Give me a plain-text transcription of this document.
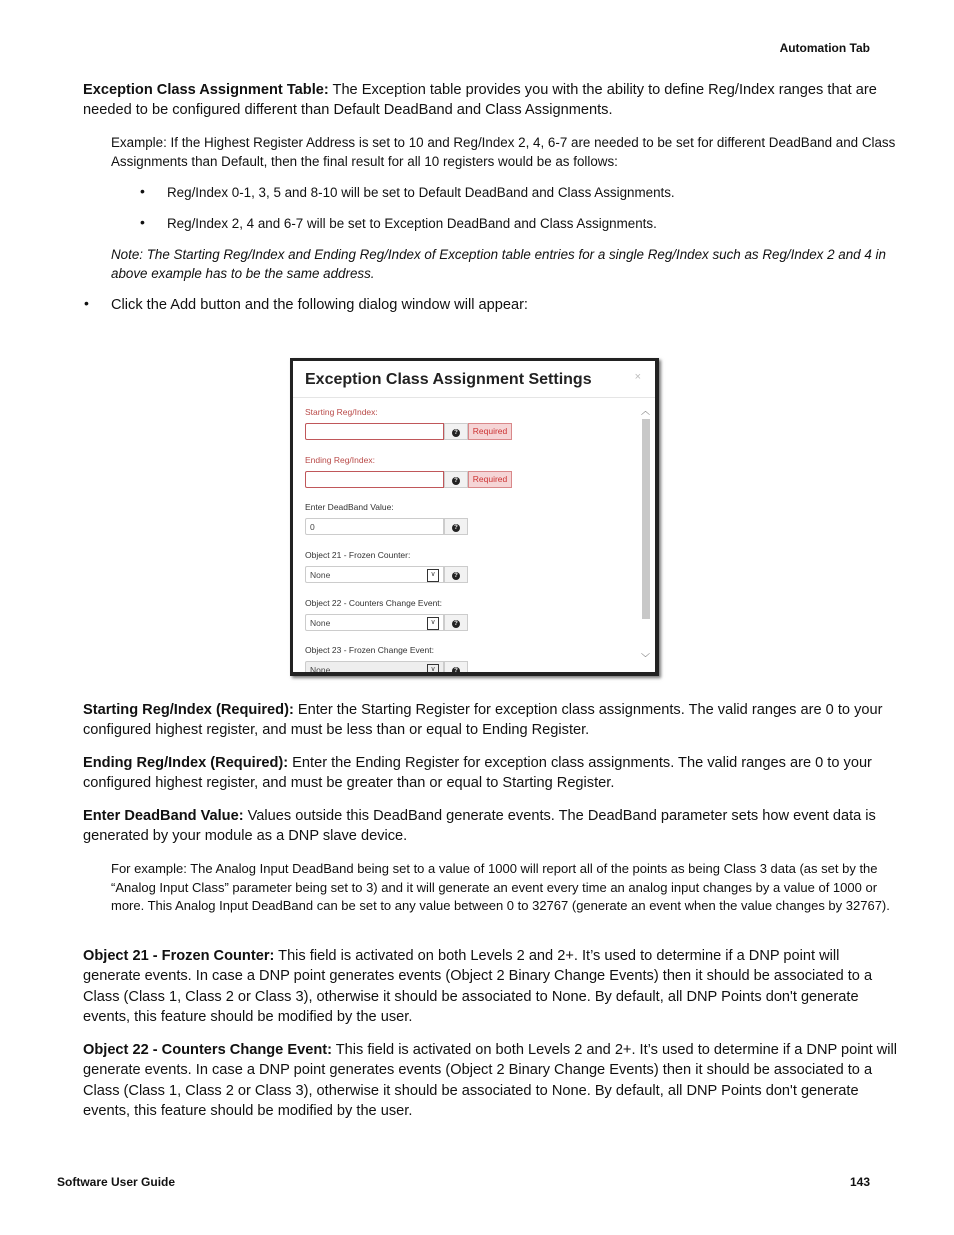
Automation Tab
Exception Class Assignment Table: The Exception table provides you with the ability to define Reg/Index ranges that are needed to be configured different than Default DeadBand and Class Assignments.
Example: If the Highest Register Address is set to 10 and Reg/Index 2, 4, 6-7 are needed to be set for different DeadBand and Class Assignments than Default, then the final result for all 10 registers would be as follows:
• Reg/Index 0-1, 3, 5 and 8-10 will be set to Default DeadBand and Class Assignments.
• Reg/Index 2, 4 and 6-7 will be set to Exception DeadBand and Class Assignments.
Note: The Starting Reg/Index and Ending Reg/Index of Exception table entries for a single Reg/Index such as Reg/Index 2 and 4 in above example has to be the same address.
• Click the Add button and the following dialog window will appear:
Exception Class Assignment Settings	×
︿
﹀
Starting Reg/Index:
?	Required
Ending Reg/Index:
?	Required
Enter DeadBand Value:
0	?
Object 21 - Frozen Counter:
None	∨	?
Object 22 - Counters Change Event:
None	∨	?
Object 23 - Frozen Change Event:
None	∨	?
Starting Reg/Index (Required): Enter the Starting Register for exception class assignments. The valid ranges are 0 to your configured highest register, and must be less than or equal to Ending Register.
Ending Reg/Index (Required): Enter the Ending Register for exception class assignments. The valid ranges are 0 to your configured highest register, and must be greater than or equal to Starting Register.
Enter DeadBand Value: Values outside this DeadBand generate events. The DeadBand parameter sets how event data is generated by your module as a DNP slave device.
For example: The Analog Input DeadBand being set to a value of 1000 will report all of the points as being Class 3 data (as set by the “Analog Input Class” parameter being set to 3) and it will generate an event every time an analog input changes by a value of 1000 or more. This Analog Input DeadBand can be set to any value between 0 to 32767 (generate an event when the value changes by 32767).
Object 21 - Frozen Counter: This field is activated on both Levels 2 and 2+. It’s used to determine if a DNP point will generate events. In case a DNP point generates events (Object 2 Binary Change Events) then it should be associated to a Class (Class 1, Class 2 or Class 3), otherwise it should be associated to None. By default, all DNP Points don't generate events, this feature should be modified by the user.
Object 22 - Counters Change Event: This field is activated on both Levels 2 and 2+. It’s used to determine if a DNP point will generate events. In case a DNP point generates events (Object 2 Binary Change Events) then it should be associated to a Class (Class 1, Class 2 or Class 3), otherwise it should be associated to None. By default, all DNP Points don't generate events, this feature should be modified by the user.
Software User Guide	143
